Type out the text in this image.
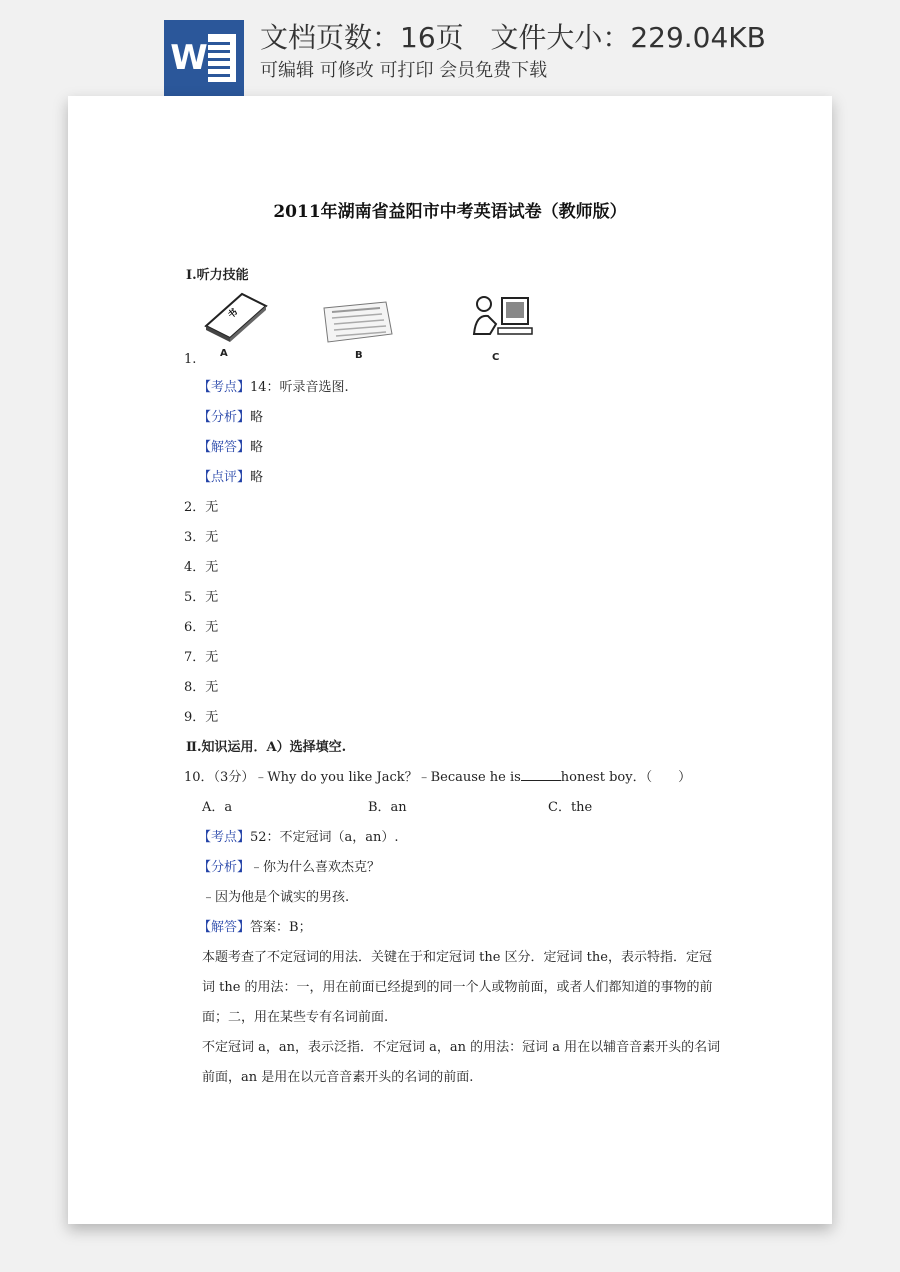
W
文档页数：16页   文件大小：229.04KB
可编辑 可修改 可打印 会员免费下载
2011年湖南省益阳市中考英语试卷（教师版）
Ⅰ.听力技能
书
A	B	C
1.
【考点】14：听录音选图.
【分析】略
【解答】略
【点评】略
2．无
3．无
4．无
5．无
6．无
7．无
8．无
9．无
Ⅱ.知识运用．A）选择填空.
10．（3分）﹣Why do you like Jack？﹣Because he is	honest boy．（　　）
A．a	B．an	C．the
【考点】52：不定冠词（a，an）.
【分析】﹣你为什么喜欢杰克？
﹣因为他是个诚实的男孩.
【解答】答案：B；
本题考查了不定冠词的用法．关键在于和定冠词 the 区分．定冠词 the，表示特指．定冠
词 the 的用法：一，用在前面已经提到的同一个人或物前面，或者人们都知道的事物的前
面；二，用在某些专有名词前面.
不定冠词 a，an，表示泛指．不定冠词 a，an 的用法：冠词 a 用在以辅音音素开头的名词
前面，an 是用在以元音音素开头的名词的前面.
